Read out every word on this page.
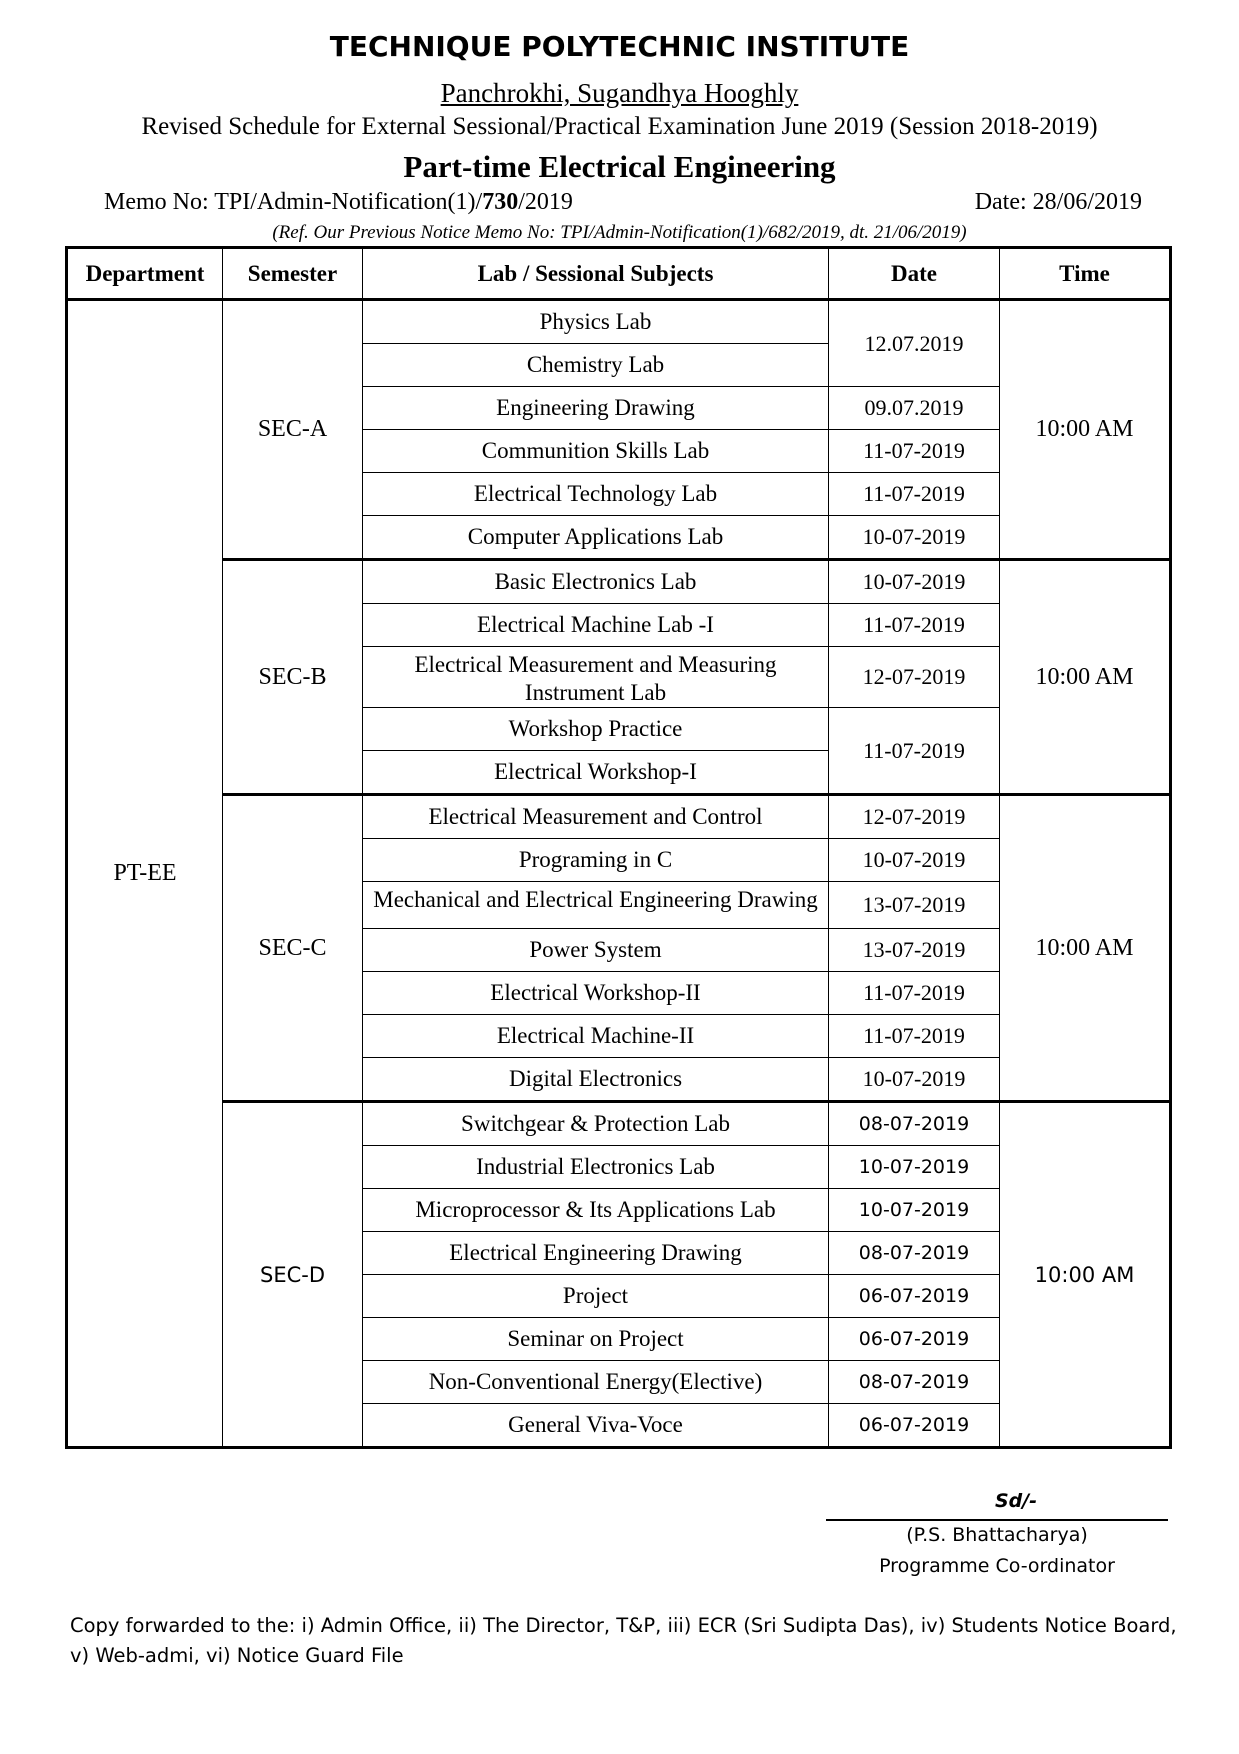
TECHNIQUE POLYTECHNIC INSTITUTE
Panchrokhi, Sugandhya Hooghly
Revised Schedule for External Sessional/Practical Examination June 2019 (Session 2018-2019)
Part-time Electrical Engineering
Memo No: TPI/Admin-Notification(1)/730/2019	Date: 28/06/2019
(Ref. Our Previous Notice Memo No: TPI/Admin-Notification(1)/682/2019, dt. 21/06/2019)
Department	Semester	Lab / Sessional Subjects	Date	Time
PT-EE	SEC-A	Physics Lab	12.07.2019	10:00 AM
		Chemistry Lab		
		Engineering Drawing	09.07.2019	
		Communition Skills Lab	11-07-2019	
		Electrical Technology Lab	11-07-2019	
		Computer Applications Lab	10-07-2019	
	SEC-B	Basic Electronics Lab	10-07-2019	10:00 AM
		Electrical Machine Lab -I	11-07-2019	
		Electrical Measurement and Measuring Instrument Lab	12-07-2019	
		Workshop Practice	11-07-2019	
		Electrical Workshop-I		
	SEC-C	Electrical Measurement and Control	12-07-2019	10:00 AM
		Programing in C	10-07-2019	
		Mechanical and Electrical Engineering Drawing	13-07-2019	
		Power System	13-07-2019	
		Electrical Workshop-II	11-07-2019	
		Electrical Machine-II	11-07-2019	
		Digital Electronics	10-07-2019	
	SEC-D	Switchgear & Protection Lab	08-07-2019	10:00 AM
		Industrial Electronics Lab	10-07-2019	
		Microprocessor & Its Applications Lab	10-07-2019	
		Electrical Engineering Drawing	08-07-2019	
		Project	06-07-2019	
		Seminar on Project	06-07-2019	
		Non-Conventional Energy(Elective)	08-07-2019	
		General Viva-Voce	06-07-2019	
Sd/-
(P.S. Bhattacharya)
Programme Co-ordinator
Copy forwarded to the: i) Admin Office, ii) The Director, T&P, iii) ECR (Sri Sudipta Das), iv) Students Notice Board, v) Web-admi, vi) Notice Guard File
